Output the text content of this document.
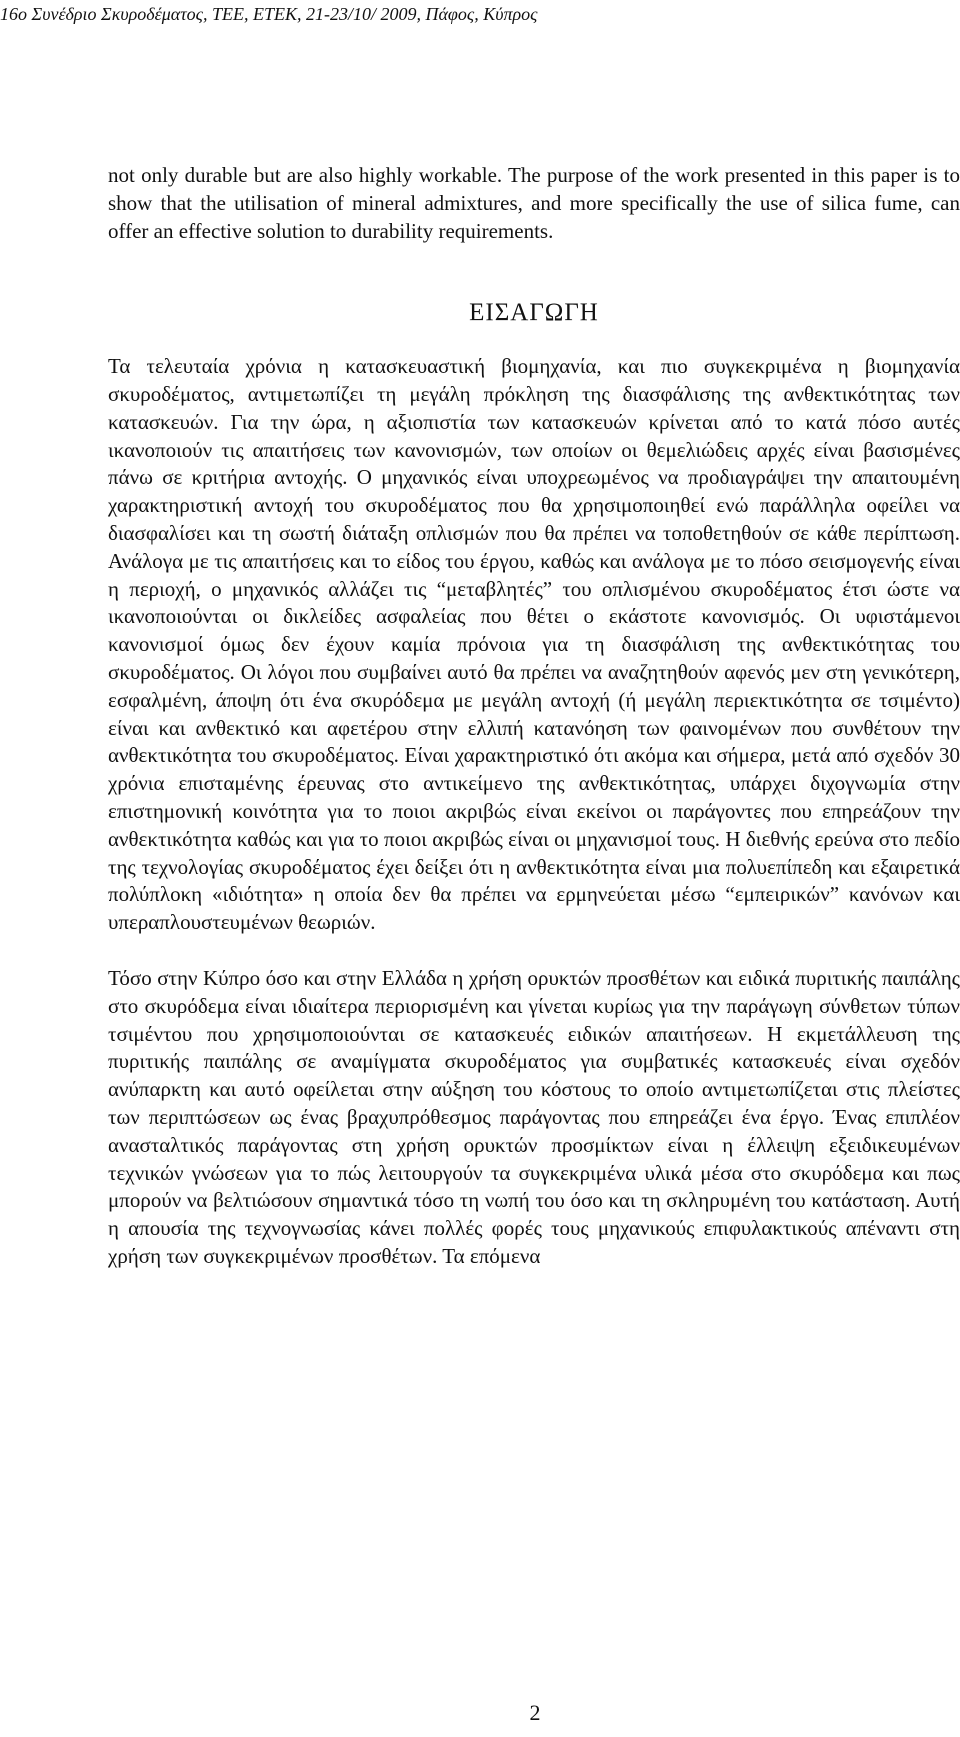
16ο Συνέδριο Σκυροδέματος, ΤΕΕ, ΕΤΕΚ, 21-23/10/ 2009, Πάφος, Κύπρος

not only durable but are also highly workable. The purpose of the work presented in this paper is to show that the utilisation of mineral admixtures, and more specifically the use of silica fume, can offer an effective solution to durability requirements.

ΕΙΣΑΓΩΓΗ

Τα τελευταία χρόνια η κατασκευαστική βιομηχανία, και πιο συγκεκριμένα η βιομηχανία σκυροδέματος, αντιμετωπίζει τη μεγάλη πρόκληση της διασφάλισης της ανθεκτικότητας των κατασκευών. Για την ώρα, η αξιοπιστία των κατασκευών κρίνεται από το κατά πόσο αυτές ικανοποιούν τις απαιτήσεις των κανονισμών, των οποίων οι θεμελιώδεις αρχές είναι βασισμένες πάνω σε κριτήρια αντοχής. Ο μηχανικός είναι υποχρεωμένος να προδιαγράψει την απαιτουμένη χαρακτηριστική αντοχή του σκυροδέματος που θα χρησιμοποιηθεί ενώ παράλληλα οφείλει να διασφαλίσει και τη σωστή διάταξη οπλισμών που θα πρέπει να τοποθετηθούν σε κάθε περίπτωση. Ανάλογα με τις απαιτήσεις και το είδος του έργου, καθώς και ανάλογα με το πόσο σεισμογενής είναι η περιοχή, ο μηχανικός αλλάζει τις “μεταβλητές” του οπλισμένου σκυροδέματος έτσι ώστε να ικανοποιούνται οι δικλείδες ασφαλείας που θέτει ο εκάστοτε κανονισμός. Οι υφιστάμενοι κανονισμοί όμως δεν έχουν καμία πρόνοια για τη διασφάλιση της ανθεκτικότητας του σκυροδέματος. Οι λόγοι που συμβαίνει αυτό θα πρέπει να αναζητηθούν αφενός μεν στη γενικότερη, εσφαλμένη, άποψη ότι ένα σκυρόδεμα με μεγάλη αντοχή (ή μεγάλη περιεκτικότητα σε τσιμέντο) είναι και ανθεκτικό και αφετέρου στην ελλιπή κατανόηση των φαινομένων που συνθέτουν την ανθεκτικότητα του σκυροδέματος. Είναι χαρακτηριστικό ότι ακόμα και σήμερα, μετά από σχεδόν 30 χρόνια επισταμένης έρευνας στο αντικείμενο της ανθεκτικότητας, υπάρχει διχογνωμία στην επιστημονική κοινότητα για το ποιοι ακριβώς είναι εκείνοι οι παράγοντες που επηρεάζουν την ανθεκτικότητα καθώς και για το ποιοι ακριβώς είναι οι μηχανισμοί τους. Η διεθνής ερεύνα στο πεδίο της τεχνολογίας σκυροδέματος έχει δείξει ότι η ανθεκτικότητα είναι μια πολυεπίπεδη και εξαιρετικά πολύπλοκη «ιδιότητα» η οποία δεν θα πρέπει να ερμηνεύεται μέσω “εμπειρικών” κανόνων και υπεραπλουστευμένων θεωριών.

Τόσο στην Κύπρο όσο και στην Ελλάδα η χρήση ορυκτών προσθέτων και ειδικά πυριτικής παιπάλης στο σκυρόδεμα είναι ιδιαίτερα περιορισμένη και γίνεται κυρίως για την παράγωγη σύνθετων τύπων τσιμέντου που χρησιμοποιούνται σε κατασκευές ειδικών απαιτήσεων. Η εκμετάλλευση της πυριτικής παιπάλης σε αναμίγματα σκυροδέματος για συμβατικές κατασκευές είναι σχεδόν ανύπαρκτη και αυτό οφείλεται στην αύξηση του κόστους το οποίο αντιμετωπίζεται στις πλείστες των περιπτώσεων ως ένας βραχυπρόθεσμος παράγοντας που επηρεάζει ένα έργο. Ένας επιπλέον ανασταλτικός παράγοντας στη χρήση ορυκτών προσμίκτων είναι η έλλειψη εξειδικευμένων τεχνικών γνώσεων για το πώς λειτουργούν τα συγκεκριμένα υλικά μέσα στο σκυρόδεμα και πως μπορούν να βελτιώσουν σημαντικά τόσο τη νωπή του όσο και τη σκληρυμένη του κατάσταση. Αυτή η απουσία της τεχνογνωσίας κάνει πολλές φορές τους μηχανικούς επιφυλακτικούς απέναντι στη χρήση των συγκεκριμένων προσθέτων. Τα επόμενα

2
